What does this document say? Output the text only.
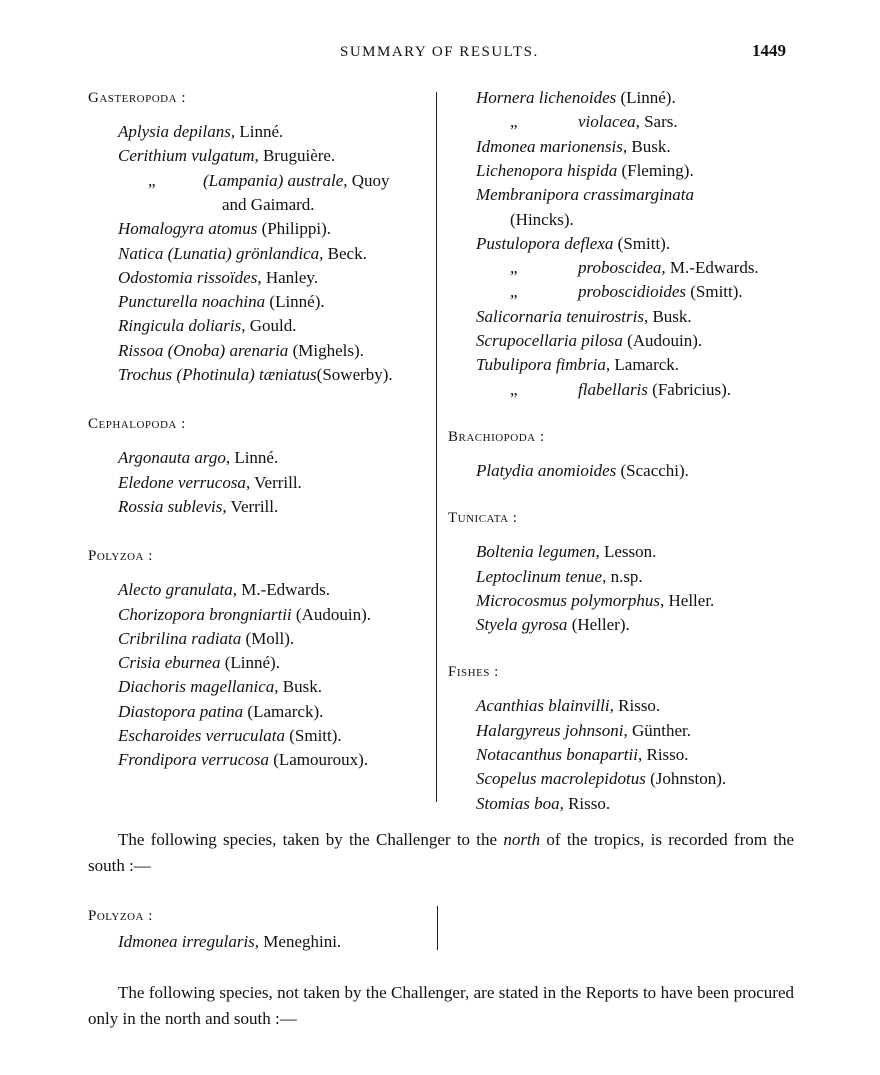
SUMMARY OF RESULTS.	1449
Gasteropoda :
Aplysia depilans, Linné.
Cerithium vulgatum, Bruguière.
„	(Lampania) australe, Quoy
and Gaimard.
Homalogyra atomus (Philippi).
Natica (Lunatia) grönlandica, Beck.
Odostomia rissoïdes, Hanley.
Puncturella noachina (Linné).
Ringicula doliaris, Gould.
Rissoa (Onoba) arenaria (Mighels).
Trochus (Photinula) tæniatus(Sowerby).
Cephalopoda :
Argonauta argo, Linné.
Eledone verrucosa, Verrill.
Rossia sublevis, Verrill.
Polyzoa :
Alecto granulata, M.-Edwards.
Chorizopora brongniartii (Audouin).
Cribrilina radiata (Moll).
Crisia eburnea (Linné).
Diachoris magellanica, Busk.
Diastopora patina (Lamarck).
Escharoides verruculata (Smitt).
Frondipora verrucosa (Lamouroux).
Hornera lichenoides (Linné).
„	violacea, Sars.
Idmonea marionensis, Busk.
Lichenopora hispida (Fleming).
Membranipora crassimarginata
(Hincks).
Pustulopora deflexa (Smitt).
„	proboscidea, M.-Edwards.
„	proboscidioides (Smitt).
Salicornaria tenuirostris, Busk.
Scrupocellaria pilosa (Audouin).
Tubulipora fimbria, Lamarck.
„	flabellaris (Fabricius).
Brachiopoda :
Platydia anomioides (Scacchi).
Tunicata :
Boltenia legumen, Lesson.
Leptoclinum tenue, n.sp.
Microcosmus polymorphus, Heller.
Styela gyrosa (Heller).
Fishes :
Acanthias blainvilli, Risso.
Halargyreus johnsoni, Günther.
Notacanthus bonapartii, Risso.
Scopelus macrolepidotus (Johnston).
Stomias boa, Risso.
The following species, taken by the Challenger to the north of the tropics, is recorded from the south :—
Polyzoa :
Idmonea irregularis, Meneghini.
The following species, not taken by the Challenger, are stated in the Reports to have been procured only in the north and south :—
